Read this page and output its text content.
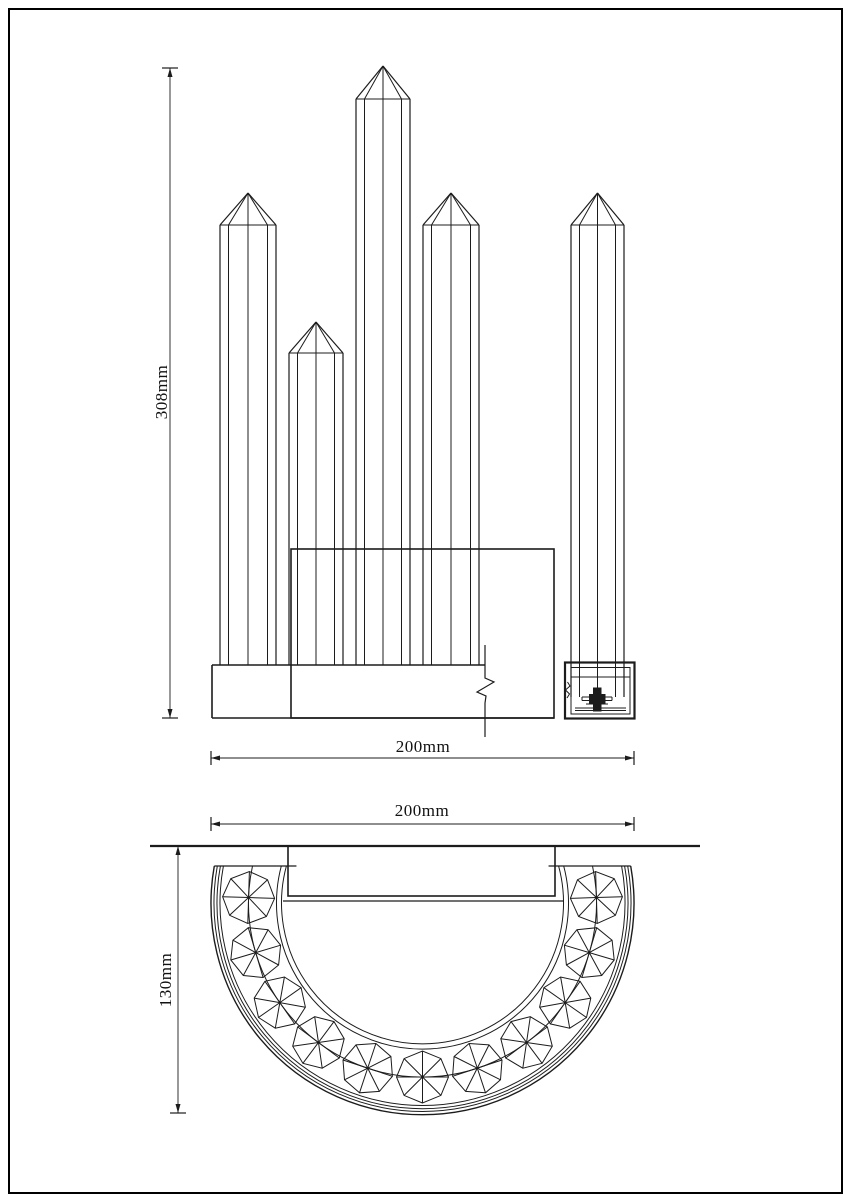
308mm
200mm
200mm
130mm
